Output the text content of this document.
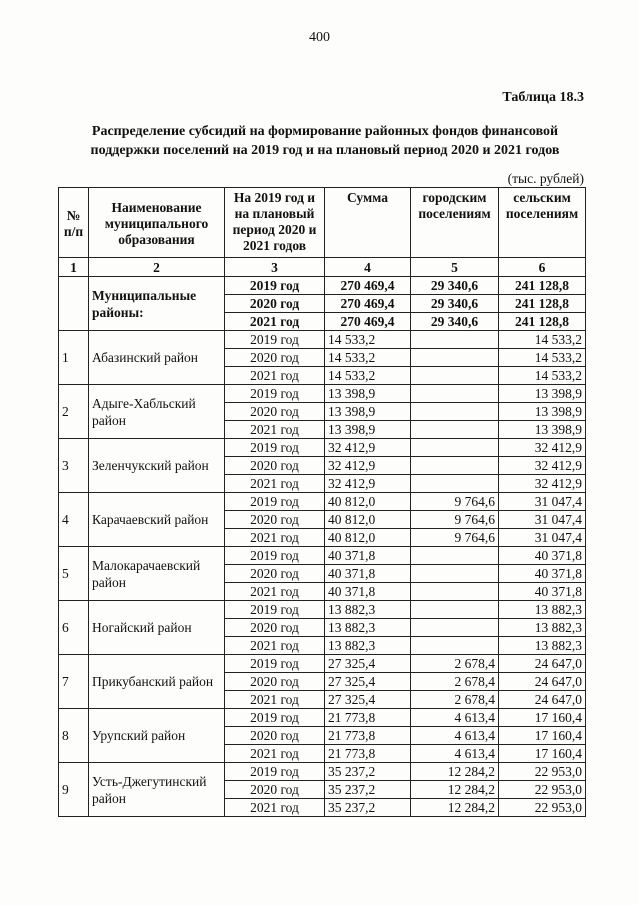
400
Таблица 18.3
Распределение субсидий на формирование районных фондов финансовой
поддержки поселений на 2019 год и на плановый период 2020 и 2021 годов
(тыс. рублей)
№ п/п	Наименование муниципального образования	На 2019 год и на плановый период 2020 и 2021 годов	Сумма	городским поселениям	сельским поселениям
1	2	3	4	5	6
	Муниципальные районы:	2019 год	270 469,4	29 340,6	241 128,8
		2020 год	270 469,4	29 340,6	241 128,8
		2021 год	270 469,4	29 340,6	241 128,8
1	Абазинский район	2019 год	14 533,2		14 533,2
		2020 год	14 533,2		14 533,2
		2021 год	14 533,2		14 533,2
2	Адыге-Хабльский район	2019 год	13 398,9		13 398,9
		2020 год	13 398,9		13 398,9
		2021 год	13 398,9		13 398,9
3	Зеленчукский район	2019 год	32 412,9		32 412,9
		2020 год	32 412,9		32 412,9
		2021 год	32 412,9		32 412,9
4	Карачаевский район	2019 год	40 812,0	9 764,6	31 047,4
		2020 год	40 812,0	9 764,6	31 047,4
		2021 год	40 812,0	9 764,6	31 047,4
5	Малокарачаевский район	2019 год	40 371,8		40 371,8
		2020 год	40 371,8		40 371,8
		2021 год	40 371,8		40 371,8
6	Ногайский район	2019 год	13 882,3		13 882,3
		2020 год	13 882,3		13 882,3
		2021 год	13 882,3		13 882,3
7	Прикубанский район	2019 год	27 325,4	2 678,4	24 647,0
		2020 год	27 325,4	2 678,4	24 647,0
		2021 год	27 325,4	2 678,4	24 647,0
8	Урупский район	2019 год	21 773,8	4 613,4	17 160,4
		2020 год	21 773,8	4 613,4	17 160,4
		2021 год	21 773,8	4 613,4	17 160,4
9	Усть-Джегутинский район	2019 год	35 237,2	12 284,2	22 953,0
		2020 год	35 237,2	12 284,2	22 953,0
		2021 год	35 237,2	12 284,2	22 953,0
